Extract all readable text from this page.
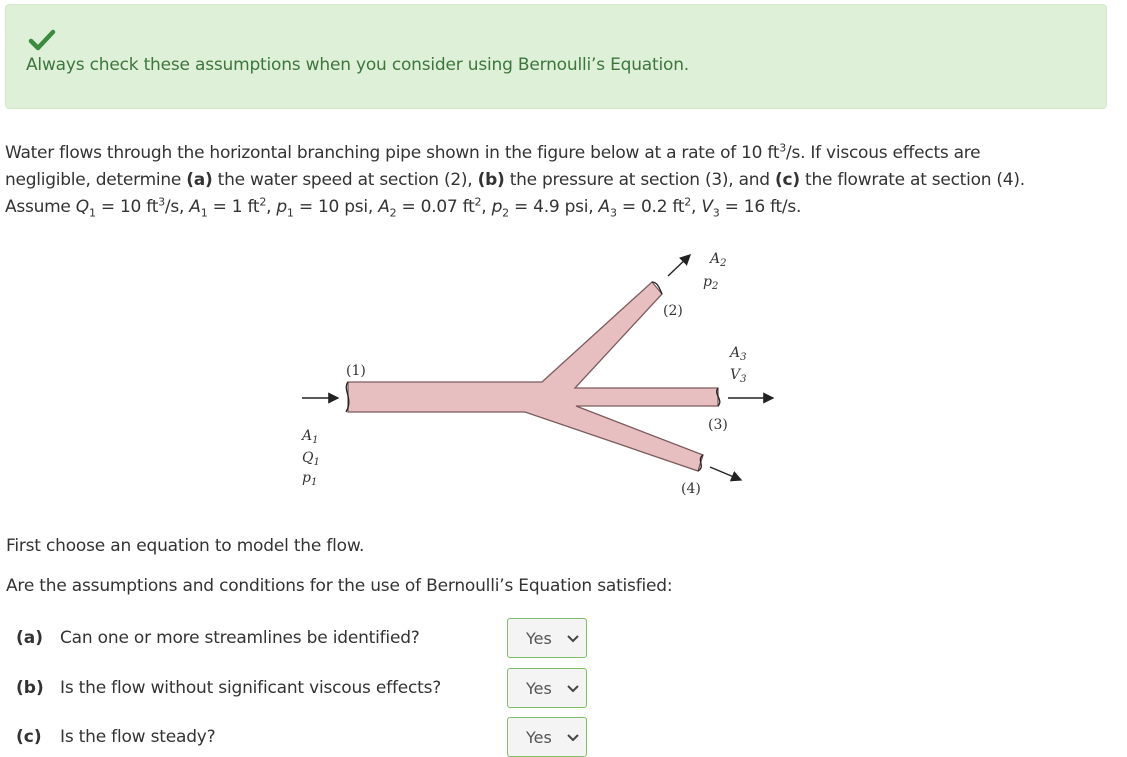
Always check these assumptions when you consider using Bernoulli’s Equation.
Water flows through the horizontal branching pipe shown in the figure below at a rate of 10 $ft^3/s$. If viscous effects are
negligible, determine (a) the water speed at section (2), (b) the pressure at section (3), and (c) the flowrate at section (4).
Assume $Q_1 = 10$ $ft^3/s$, $A_1 = 1$ $ft^2$, $p_1 = 10$ psi, $A_2 = 0.07$ $ft^2$, $p_2 = 4.9$ psi, $A_3 = 0.2$ $ft^2$, $V_3 = 16$ ft/s.
(1)
(2)
(3)
(4)
$A_2$
$p_2$
$A_3$
$V_3$
$A_1$
$Q_1$
$p_1$
First choose an equation to model the flow.
Are the assumptions and conditions for the use of Bernoulli’s Equation satisfied:
(a) Can one or more streamlines be identified?	Yes
(b) Is the flow without significant viscous effects?	Yes
(c) Is the flow steady?	Yes
